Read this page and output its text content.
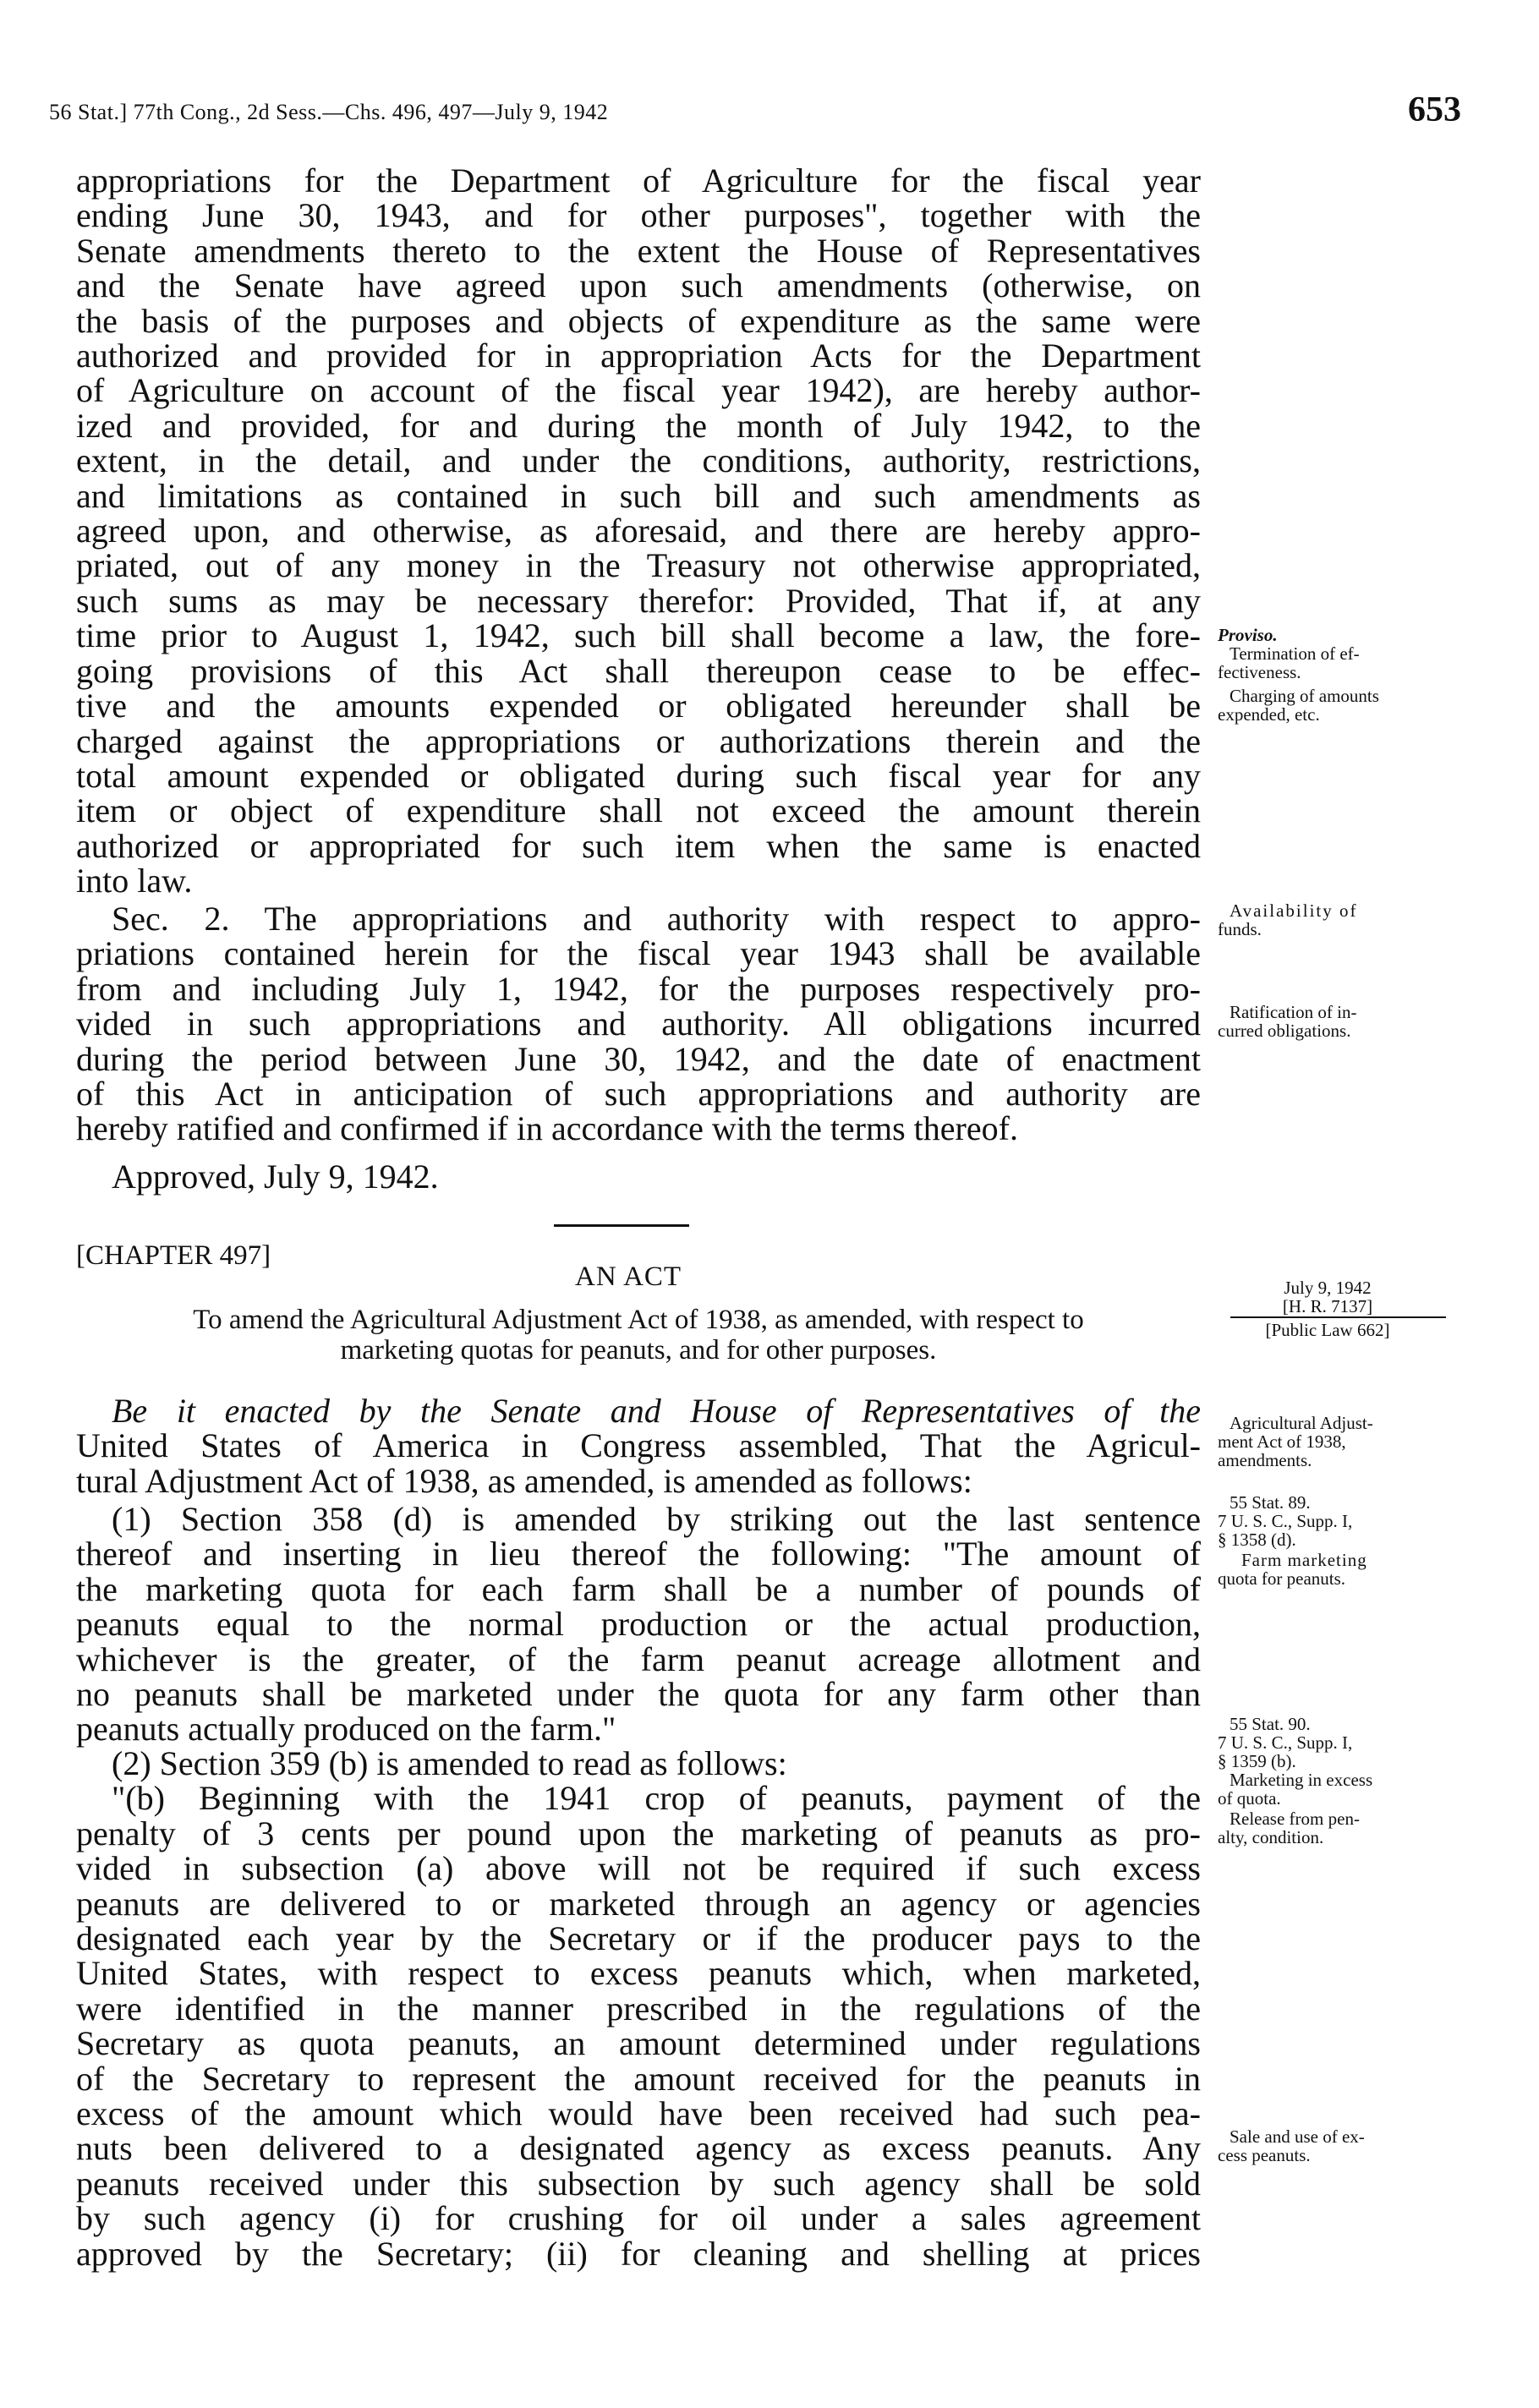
56 Stat.] 77th Cong., 2d Sess.—Chs. 496, 497—July 9, 1942	653
appropriations for the Department of Agriculture for the fiscal year
ending June 30, 1943, and for other purposes", together with the
Senate amendments thereto to the extent the House of Representatives
and the Senate have agreed upon such amendments (otherwise, on
the basis of the purposes and objects of expenditure as the same were
authorized and provided for in appropriation Acts for the Department
of Agriculture on account of the fiscal year 1942), are hereby author-
ized and provided, for and during the month of July 1942, to the
extent, in the detail, and under the conditions, authority, restrictions,
and limitations as contained in such bill and such amendments as
agreed upon, and otherwise, as aforesaid, and there are hereby appro-
priated, out of any money in the Treasury not otherwise appropriated,
such sums as may be necessary therefor: Provided, That if, at any
time prior to August 1, 1942, such bill shall become a law, the fore-
going provisions of this Act shall thereupon cease to be effec-
tive and the amounts expended or obligated hereunder shall be
charged against the appropriations or authorizations therein and the
total amount expended or obligated during such fiscal year for any
item or object of expenditure shall not exceed the amount therein
authorized or appropriated for such item when the same is enacted
into law.
Sec. 2. The appropriations and authority with respect to appro-
priations contained herein for the fiscal year 1943 shall be available
from and including July 1, 1942, for the purposes respectively pro-
vided in such appropriations and authority. All obligations incurred
during the period between June 30, 1942, and the date of enactment
of this Act in anticipation of such appropriations and authority are
hereby ratified and confirmed if in accordance with the terms thereof.
Approved, July 9, 1942.
[CHAPTER 497]
AN ACT
To amend the Agricultural Adjustment Act of 1938, as amended, with respect to
marketing quotas for peanuts, and for other purposes.
Be it enacted by the Senate and House of Representatives of the
United States of America in Congress assembled, That the Agricul-
tural Adjustment Act of 1938, as amended, is amended as follows:
(1) Section 358 (d) is amended by striking out the last sentence
thereof and inserting in lieu thereof the following: "The amount of
the marketing quota for each farm shall be a number of pounds of
peanuts equal to the normal production or the actual production,
whichever is the greater, of the farm peanut acreage allotment and
no peanuts shall be marketed under the quota for any farm other than
peanuts actually produced on the farm."
(2) Section 359 (b) is amended to read as follows:
"(b) Beginning with the 1941 crop of peanuts, payment of the
penalty of 3 cents per pound upon the marketing of peanuts as pro-
vided in subsection (a) above will not be required if such excess
peanuts are delivered to or marketed through an agency or agencies
designated each year by the Secretary or if the producer pays to the
United States, with respect to excess peanuts which, when marketed,
were identified in the manner prescribed in the regulations of the
Secretary as quota peanuts, an amount determined under regulations
of the Secretary to represent the amount received for the peanuts in
excess of the amount which would have been received had such pea-
nuts been delivered to a designated agency as excess peanuts. Any
peanuts received under this subsection by such agency shall be sold
by such agency (i) for crushing for oil under a sales agreement
approved by the Secretary; (ii) for cleaning and shelling at prices
Proviso.
Termination of ef-
fectiveness.
Charging of amounts
expended, etc.
Availability of
funds.
Ratification of in-
curred obligations.
July 9, 1942
[H. R. 7137]
[Public Law 662]
Agricultural Adjust-
ment Act of 1938,
amendments.
55 Stat. 89.
7 U. S. C., Supp. I,
§ 1358 (d).
Farm marketing
quota for peanuts.
55 Stat. 90.
7 U. S. C., Supp. I,
§ 1359 (b).
Marketing in excess
of quota.
Release from pen-
alty, condition.
Sale and use of ex-
cess peanuts.
